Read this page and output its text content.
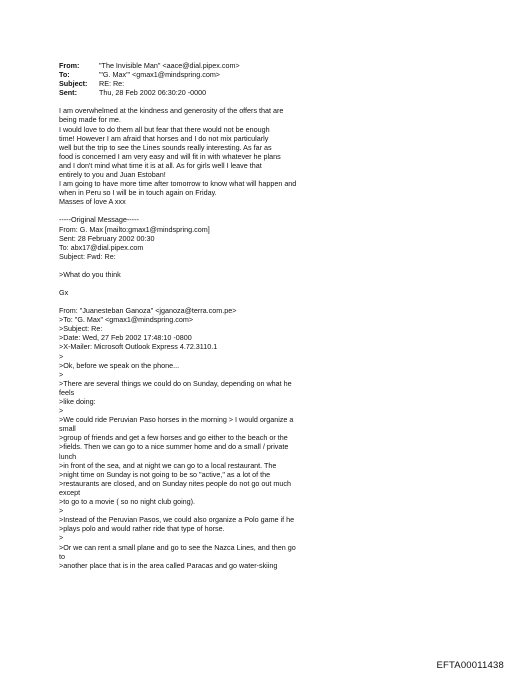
From:	"The Invisible Man" <aace@dial.pipex.com>
To:	"'G. Max'" <gmax1@mindspring.com>
Subject:	RE: Re:
Sent:	Thu, 28 Feb 2002 06:30:20 -0000
I am overwhelmed at the kindness and generosity of the offers that are
being made for me.
I would love to do them all but fear that there would not be enough
time! However I am afraid that horses and I do not mix particularly
well but the trip to see the Lines sounds really interesting. As far as
food is concerned I am very easy and will fit in with whatever he plans
and I don't mind what time it is at all. As for girls well I leave that
entirely to you and Juan Estoban!
I am going to have more time after tomorrow to know what will happen and
when in Peru so I will be in touch again on Friday.
Masses of love A xxx
-----Original Message-----
From: G. Max [mailto:gmax1@mindspring.com]
Sent: 28 February 2002 00:30
To: abx17@dial.pipex.com
Subject: Fwd: Re:
>What do you think
Gx
From: "Juanesteban Ganoza" <jganoza@terra.com.pe>
>To: "G. Max" <gmax1@mindspring.com>
>Subject: Re:
>Date: Wed, 27 Feb 2002 17:48:10 -0800
>X-Mailer: Microsoft Outlook Express 4.72.3110.1
>
>Ok, before we speak on the phone...
>
>There are several things we could do on Sunday, depending on what he
feels
>like doing:
>
>We could ride Peruvian Paso horses in the morning > I would organize a
small
>group of friends and get a few horses and go either to the beach or the
>fields. Then we can go to a nice summer home and do a small / private
lunch
>in front of the sea, and at night we can go to a local restaurant. The
>night time on Sunday is not going to be so "active," as a lot of the
>restaurants are closed, and on Sunday nites people do not go out much
except
>to go to a movie ( so no night club going).
>
>Instead of the Peruvian Pasos, we could also organize a Polo game if he
>plays polo and would rather ride that type of horse.
>
>Or we can rent a small plane and go to see the Nazca Lines, and then go
to
>another place that is in the area called Paracas and go water-skiing
EFTA00011438
